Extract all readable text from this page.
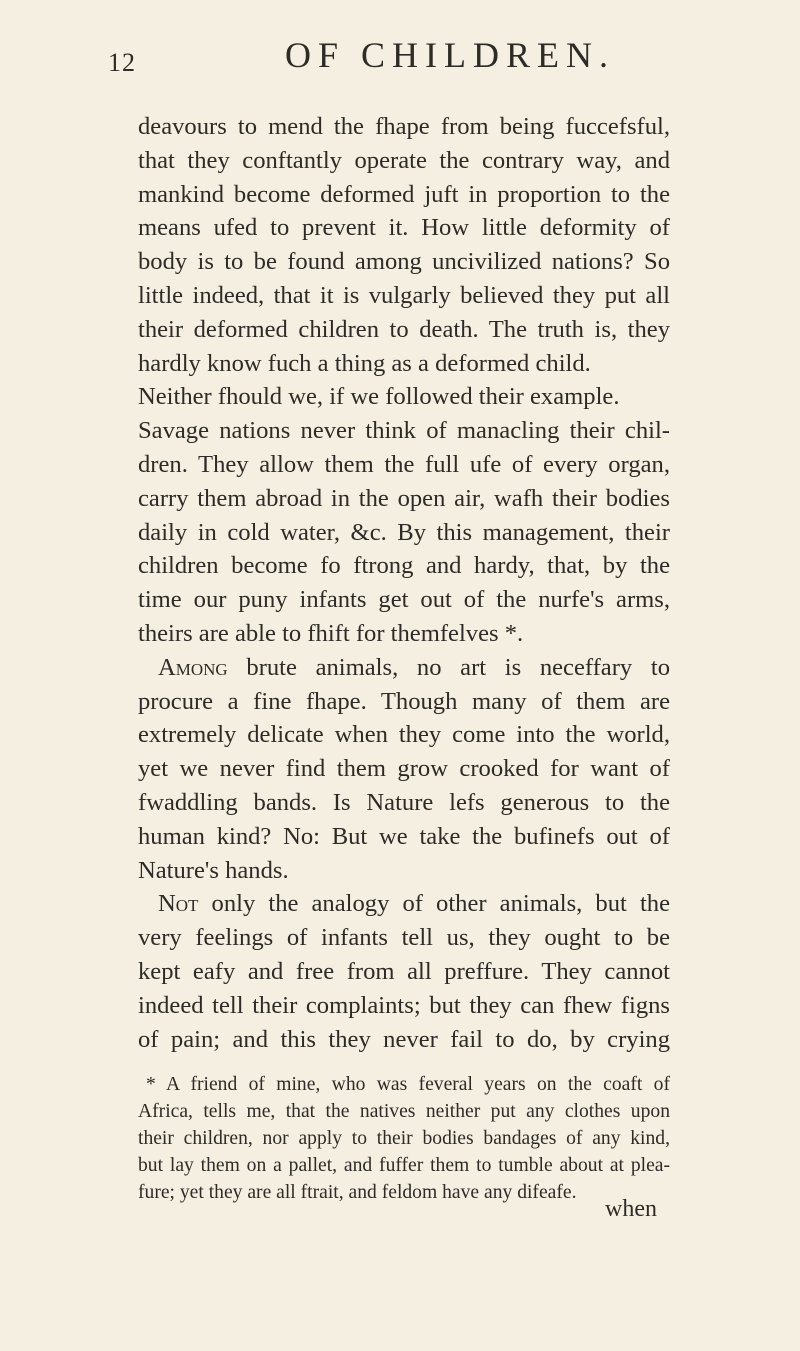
12	OF CHILDREN.
deavours to mend the fhape from being fuccefsful,
that they conftantly operate the contrary way, and
mankind become deformed juft in proportion to the
means ufed to prevent it. How little deformity of
body is to be found among uncivilized nations? So
little indeed, that it is vulgarly believed they put all
their deformed children to death. The truth is, they
hardly know fuch a thing as a deformed child.
Neither fhould we, if we followed their example.
Savage nations never think of manacling their chil-
dren. They allow them the full ufe of every organ,
carry them abroad in the open air, wafh their bodies
daily in cold water, &c. By this management, their
children become fo ftrong and hardy, that, by the
time our puny infants get out of the nurfe's arms,
theirs are able to fhift for themfelves *.
Among brute animals, no art is neceffary to
procure a fine fhape. Though many of them are
extremely delicate when they come into the world,
yet we never find them grow crooked for want of
fwaddling bands. Is Nature lefs generous to the
human kind? No: But we take the bufinefs out of
Nature's hands.
Not only the analogy of other animals, but the
very feelings of infants tell us, they ought to be
kept eafy and free from all preffure. They cannot
indeed tell their complaints; but they can fhew figns
of pain; and this they never fail to do, by crying
* A friend of mine, who was feveral years on the coaft of
Africa, tells me, that the natives neither put any clothes upon
their children, nor apply to their bodies bandages of any kind,
but lay them on a pallet, and fuffer them to tumble about at plea-
fure; yet they are all ftrait, and feldom have any difeafe.
when
